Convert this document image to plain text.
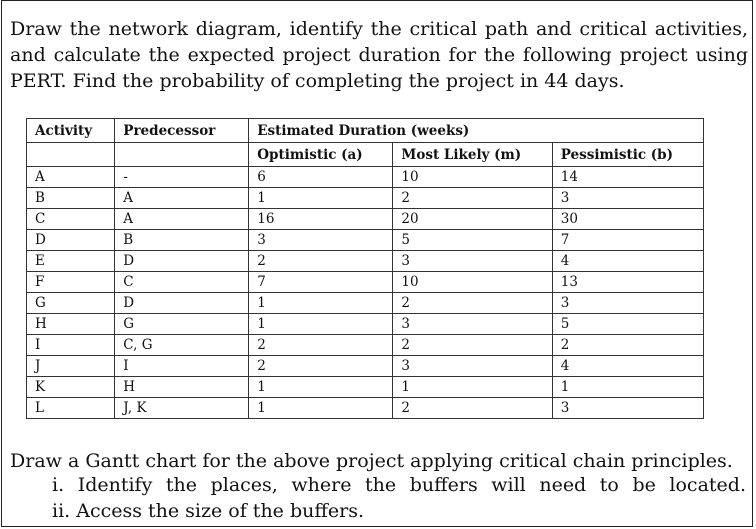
Draw the network diagram, identify the critical path and critical activities, and calculate the expected project duration for the following project using PERT. Find the probability of completing the project in 44 days.
Activity	Predecessor	Estimated Duration (weeks)		
		Optimistic (a)	Most Likely (m)	Pessimistic (b)
A	-	6	10	14
B	A	1	2	3
C	A	16	20	30
D	B	3	5	7
E	D	2	3	4
F	C	7	10	13
G	D	1	2	3
H	G	1	3	5
I	C, G	2	2	2
J	I	2	3	4
K	H	1	1	1
L	J, K	1	2	3
Draw a Gantt chart for the above project applying critical chain principles.
i. Identify the places, where the buffers will need to be located.
ii. Access the size of the buffers.
